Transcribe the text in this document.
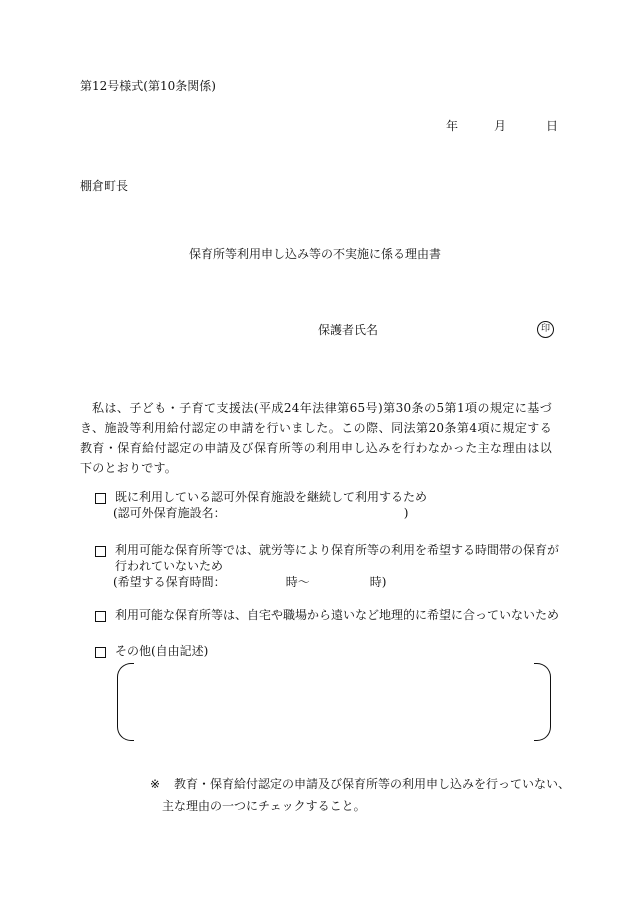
第12号様式(第10条関係)
年	月	日
棚倉町長
保育所等利用申し込み等の不実施に係る理由書
保護者氏名	印
私は、子ども・子育て支援法(平成24年法律第65号)第30条の5第1項の規定に基づき、施設等利用給付認定の申請を行いました。この際、同法第20条第4項に規定する教育・保育給付認定の申請及び保育所等の利用申し込みを行わなかった主な理由は以下のとおりです。
既に利用している認可外保育施設を継続して利用するため
(認可外保育施設名：	)
利用可能な保育所等では、就労等により保育所等の利用を希望する時間帯の保育が行われていないため
(希望する保育時間：	時～	時)
利用可能な保育所等は、自宅や職場から遠いなど地理的に希望に合っていないため
その他(自由記述)
※ 教育・保育給付認定の申請及び保育所等の利用申し込みを行っていない、
主な理由の一つにチェックすること。
